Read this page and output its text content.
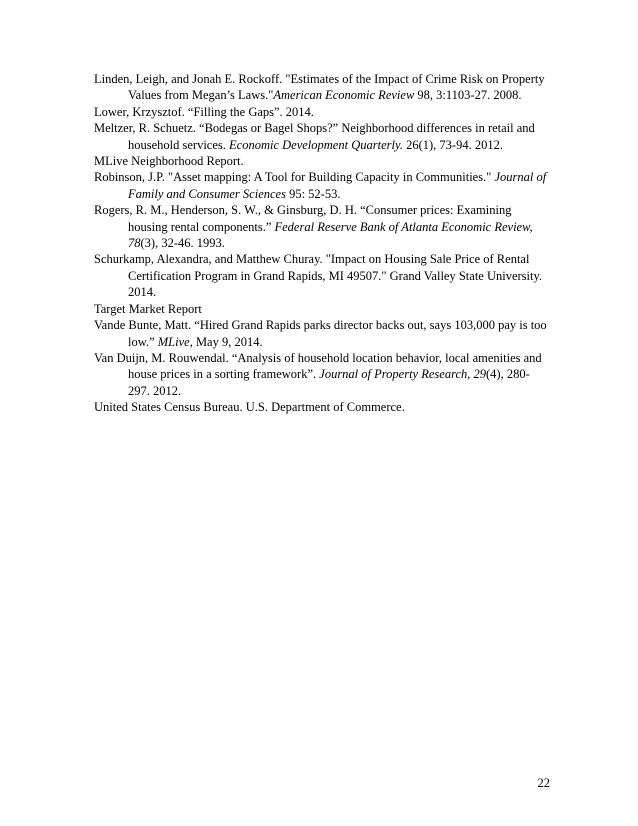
Linden, Leigh, and Jonah E. Rockoff. "Estimates of the Impact of Crime Risk on Property Values from Megan’s Laws."American Economic Review 98, 3:1103-27. 2008.

Lower, Krzysztof. “Filling the Gaps”. 2014.

Meltzer, R. Schuetz. “Bodegas or Bagel Shops?” Neighborhood differences in retail and household services. Economic Development Quarterly. 26(1), 73-94. 2012.

MLive Neighborhood Report.

Robinson, J.P. "Asset mapping: A Tool for Building Capacity in Communities." Journal of Family and Consumer Sciences 95: 52-53.

Rogers, R. M., Henderson, S. W., & Ginsburg, D. H. “Consumer prices: Examining housing rental components.” Federal Reserve Bank of Atlanta Economic Review, 78(3), 32-46. 1993.

Schurkamp, Alexandra, and Matthew Churay. "Impact on Housing Sale Price of Rental Certification Program in Grand Rapids, MI 49507." Grand Valley State University. 2014.

Target Market Report

Vande Bunte, Matt. “Hired Grand Rapids parks director backs out, says 103,000 pay is too low.” MLive, May 9, 2014.

Van Duijn, M. Rouwendal. “Analysis of household location behavior, local amenities and house prices in a sorting framework”. Journal of Property Research, 29(4), 280-297. 2012.

United States Census Bureau. U.S. Department of Commerce.

22
